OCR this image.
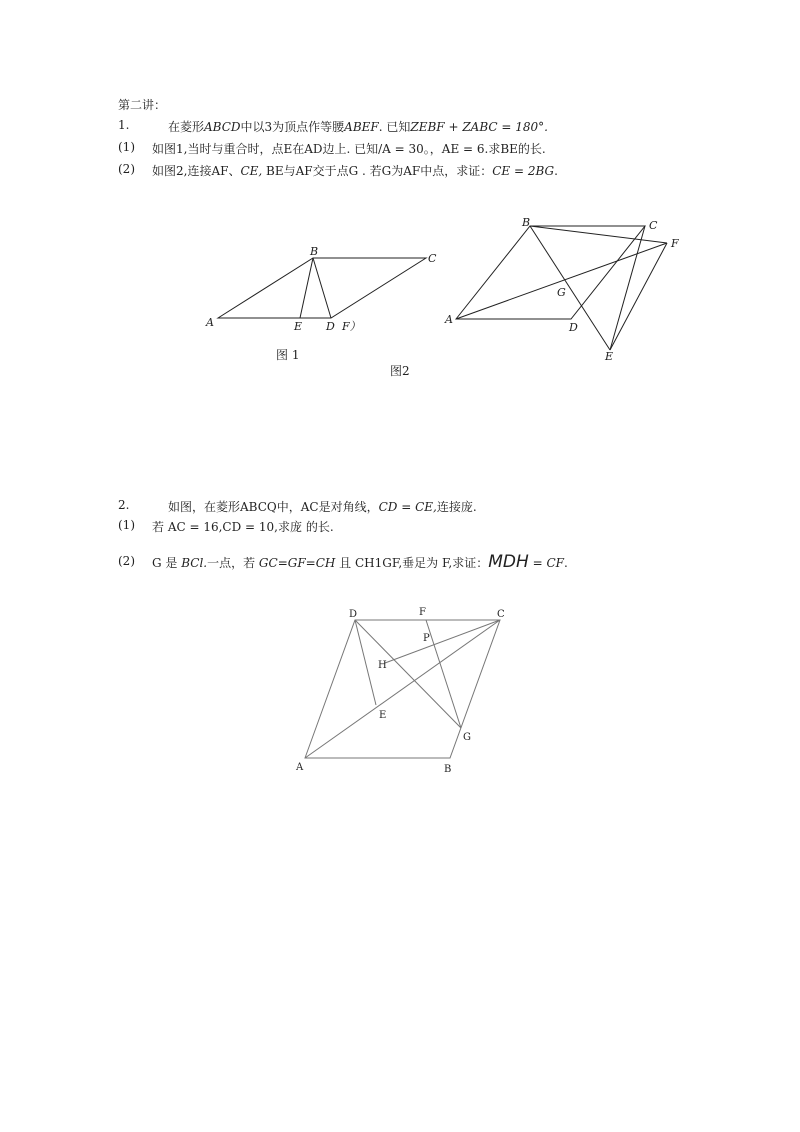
第二讲：
1.	在菱形ABCD中以3为顶点作等腰ABEF. 已知ZEBF + ZABC = 180°.
(1) 如图1,当时与重合时，点E在AD边上. 已知/A = 30。，AE = 6.求BE的长.
(2) 如图2,连接AF、CE, BE与AF交于点G . 若G为AF中点，求证：CE = 2BG.
图 1
图2
2.	如图，在菱形ABCQ中，AC是对角线，CD = CE,连接庞.
(1) 若 AC = 16,CD = 10,求庞 的长.
(2) G 是 BCl.一点，若 GC=GF=CH 且 CH1GF,垂足为 F,求证：MDH = CF.
A
B
C
E D F）
A
B	C
F
G
D
E
A	B
C
D	F
P
H
E
G
